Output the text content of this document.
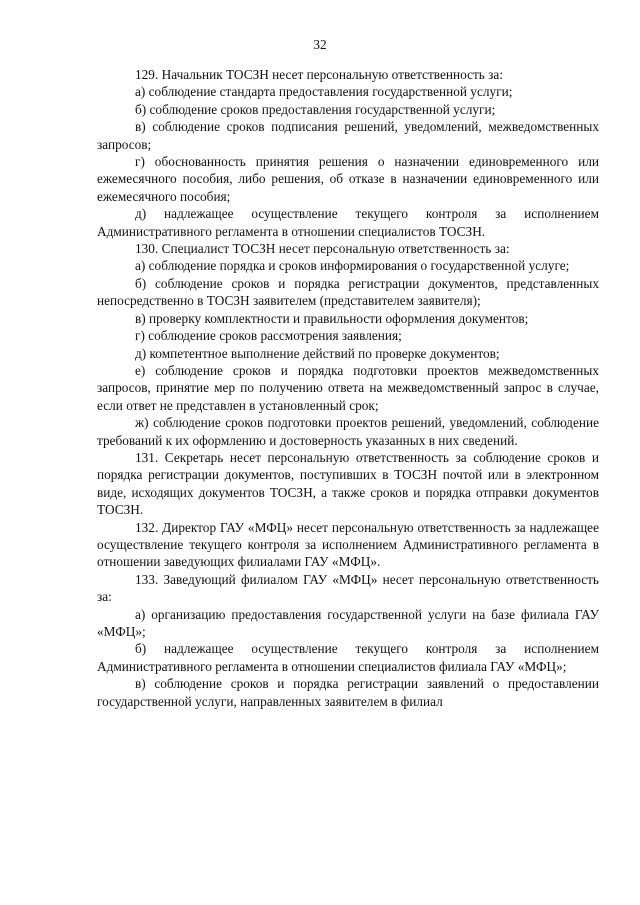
32

129. Начальник ТОСЗН несет персональную ответственность за:

а) соблюдение стандарта предоставления государственной услуги;

б) соблюдение сроков предоставления государственной услуги;

в) соблюдение сроков подписания решений, уведомлений, межведомственных запросов;

г) обоснованность принятия решения о назначении единовременного или ежемесячного пособия, либо решения, об отказе в назначении единовременного или ежемесячного пособия;

д) надлежащее осуществление текущего контроля за исполнением Административного регламента в отношении специалистов ТОСЗН.

130. Специалист ТОСЗН несет персональную ответственность за:

а) соблюдение порядка и сроков информирования о государственной услуге;

б) соблюдение сроков и порядка регистрации документов, представленных непосредственно в ТОСЗН заявителем (представителем заявителя);

в) проверку комплектности и правильности оформления документов;

г) соблюдение сроков рассмотрения заявления;

д) компетентное выполнение действий по проверке документов;

е) соблюдение сроков и порядка подготовки проектов межведомственных запросов, принятие мер по получению ответа на межведомственный запрос в случае, если ответ не представлен в установленный срок;

ж) соблюдение сроков подготовки проектов решений, уведомлений, соблюдение требований к их оформлению и достоверность указанных в них сведений.

131. Секретарь несет персональную ответственность за соблюдение сроков и порядка регистрации документов, поступивших в ТОСЗН почтой или в электронном виде, исходящих документов ТОСЗН, а также сроков и порядка отправки документов ТОСЗН.

132. Директор ГАУ «МФЦ» несет персональную ответственность за надлежащее осуществление текущего контроля за исполнением Административного регламента в отношении заведующих филиалами ГАУ «МФЦ».

133. Заведующий филиалом ГАУ «МФЦ» несет персональную ответственность за:

а) организацию предоставления государственной услуги на базе филиала ГАУ «МФЦ»;

б) надлежащее осуществление текущего контроля за исполнением Административного регламента в отношении специалистов филиала ГАУ «МФЦ»;

в) соблюдение сроков и порядка регистрации заявлений о предоставлении государственной услуги, направленных заявителем в филиал
